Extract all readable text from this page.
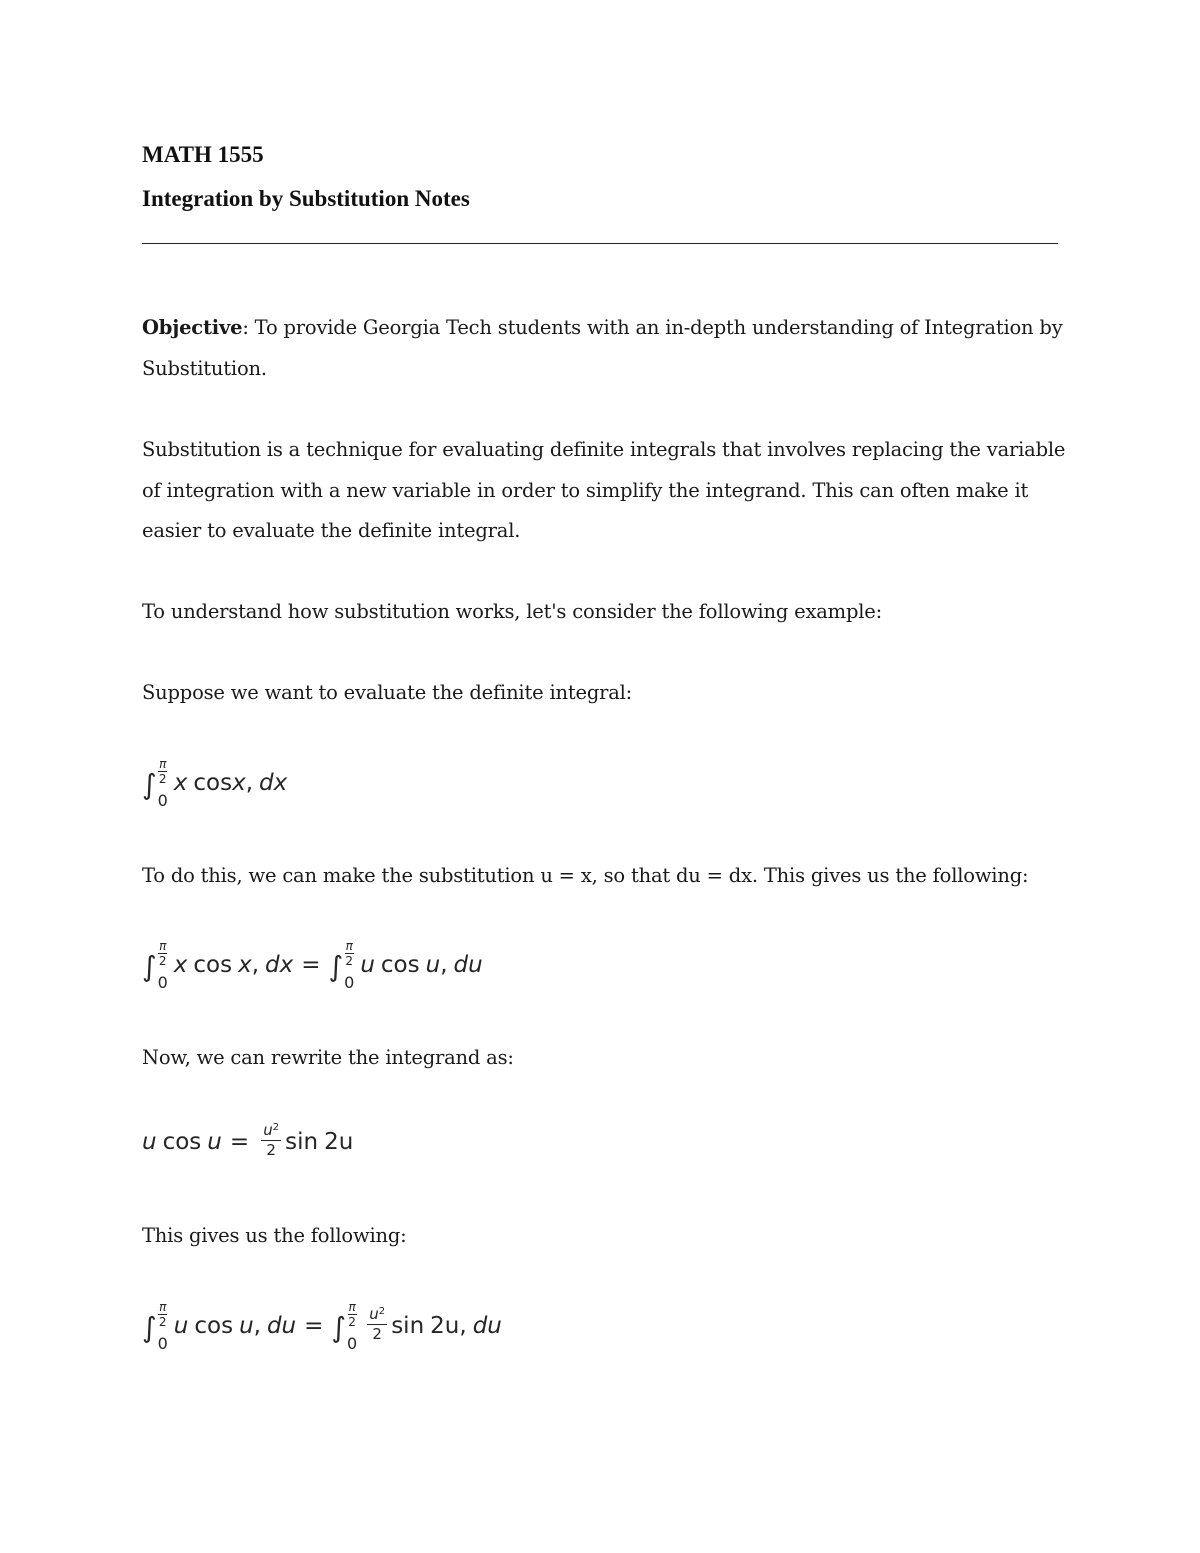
MATH 1555
Integration by Substitution Notes

Objective: To provide Georgia Tech students with an in-depth understanding of Integration by Substitution.

Substitution is a technique for evaluating definite integrals that involves replacing the variable of integration with a new variable in order to simplify the integrand. This can often make it easier to evaluate the definite integral.

To understand how substitution works, let's consider the following example:

Suppose we want to evaluate the definite integral:

∫
π
2
0
x cos x , dx

To do this, we can make the substitution u = x, so that du = dx. This gives us the following:

∫
π
2
0
x cos x , dx = ∫
π
2
0
u cos u , du

Now, we can rewrite the integrand as:

u $\cos u = \frac{u^2}{2}$ sin 2u

This gives us the following:

∫
π
2
0
u cos u , du = ∫
π
2
0
$\frac{u^2}{2}$ sin 2u , du
